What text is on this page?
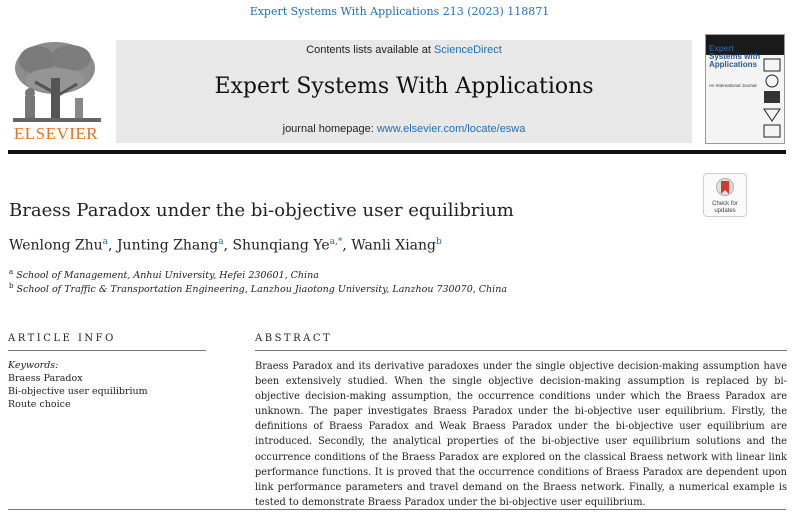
Expert Systems With Applications 213 (2023) 118871
ELSEVIER
Contents lists available at ScienceDirect
Expert Systems With Applications
journal homepage: www.elsevier.com/locate/eswa
Expert Systems with Applications
An International Journal
Check for updates
Braess Paradox under the bi-objective user equilibrium
Wenlong Zhu$^a$, Junting Zhang$^a$, Shunqiang $Ye^{a,*}$, Wanli Xiang$^b$
$^a$ School of Management, Anhui University, Hefei 230601, China
$^b$ School of Traffic & Transportation Engineering, Lanzhou Jiaotong University, Lanzhou 730070, China
ARTICLE INFO
Keywords:
Braess Paradox
Bi-objective user equilibrium
Route choice
ABSTRACT
Braess Paradox and its derivative paradoxes under the single objective decision-making assumption have been extensively studied. When the single objective decision-making assumption is replaced by bi-objective decision-making assumption, the occurrence conditions under which the Braess Paradox are unknown. The paper investigates Braess Paradox under the bi-objective user equilibrium. Firstly, the definitions of Braess Paradox and Weak Braess Paradox under the bi-objective user equilibrium are introduced. Secondly, the analytical properties of the bi-objective user equilibrium solutions and the occurrence conditions of the Braess Paradox are explored on the classical Braess network with linear link performance functions. It is proved that the occurrence conditions of Braess Paradox are dependent upon link performance parameters and travel demand on the Braess network. Finally, a numerical example is tested to demonstrate Braess Paradox under the bi-objective user equilibrium.
